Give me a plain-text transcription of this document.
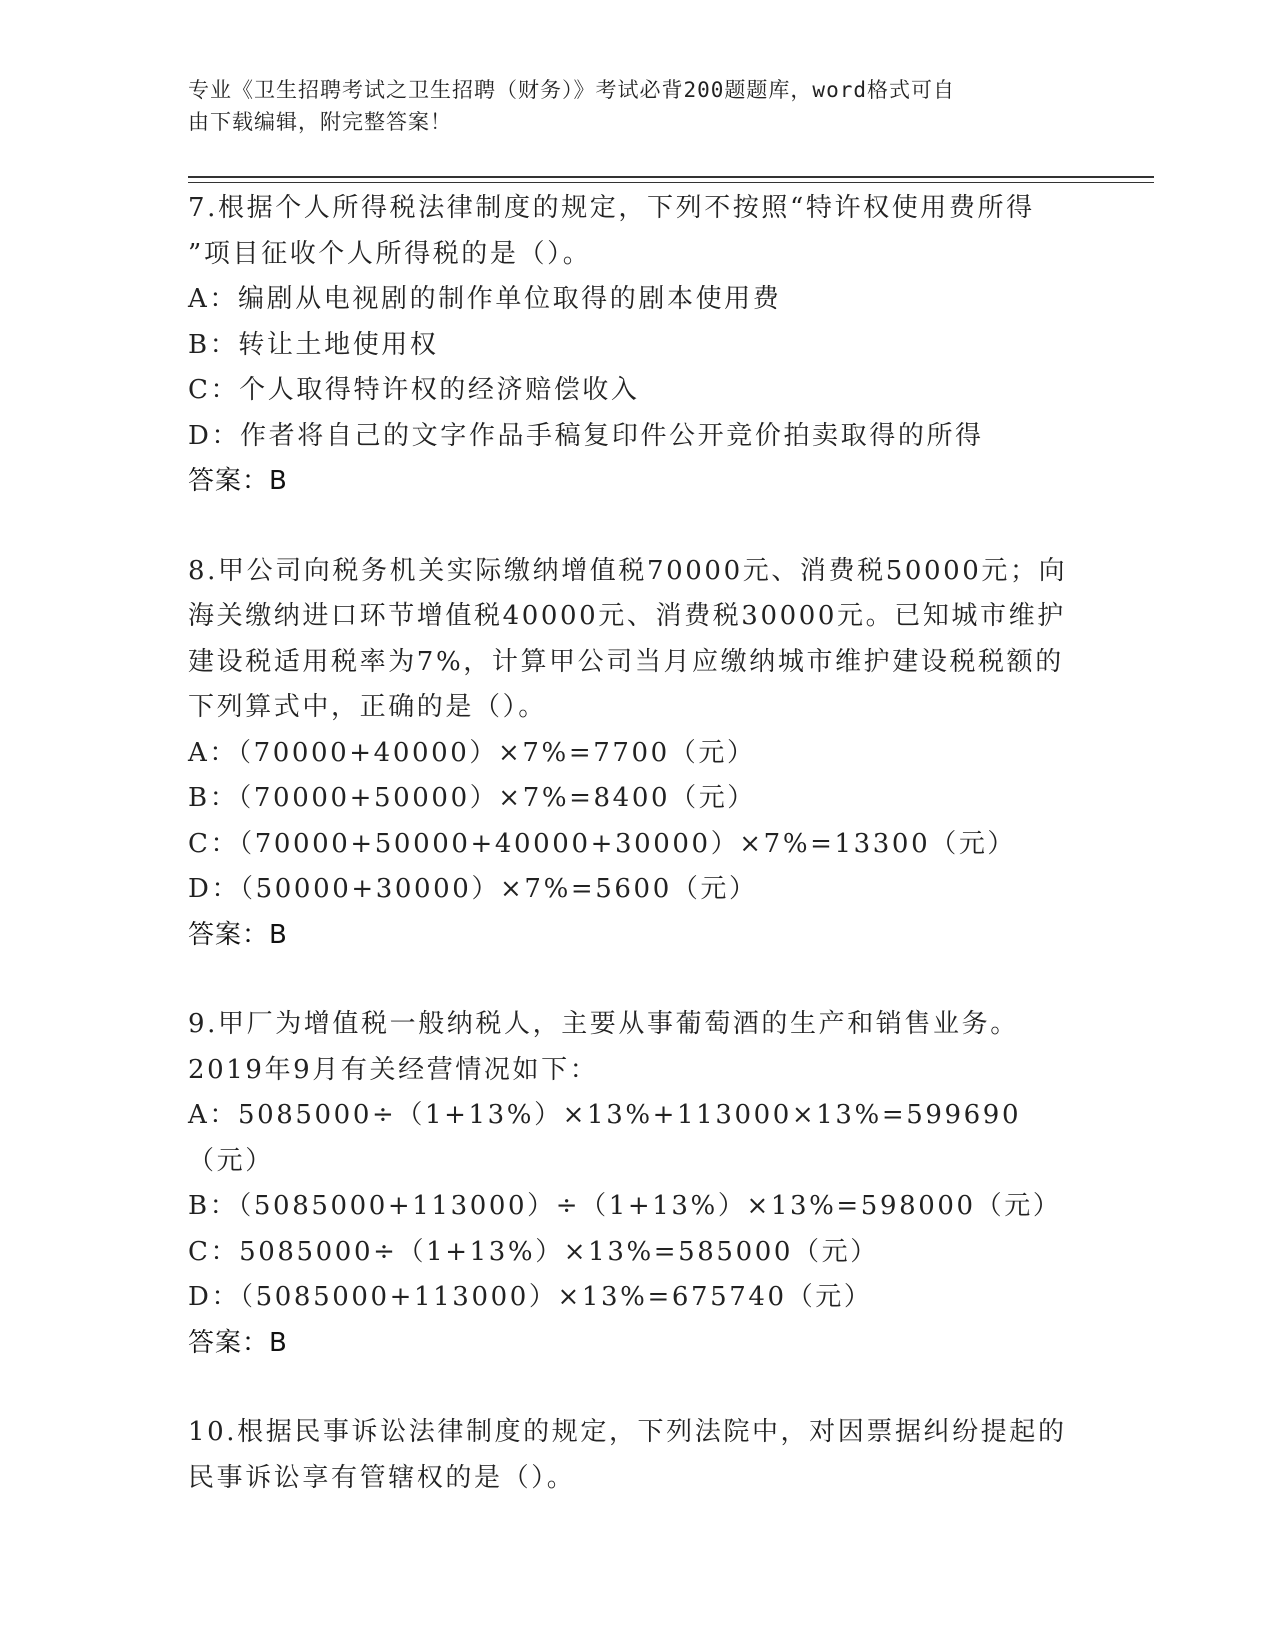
专业《卫生招聘考试之卫生招聘（财务）》考试必背200题题库，word格式可自
由下载编辑，附完整答案！
7.根据个人所得税法律制度的规定，下列不按照“特许权使用费所得
”项目征收个人所得税的是（）。
A：编剧从电视剧的制作单位取得的剧本使用费
B：转让土地使用权
C：个人取得特许权的经济赔偿收入
D：作者将自己的文字作品手稿复印件公开竞价拍卖取得的所得
答案：B
8.甲公司向税务机关实际缴纳增值税70000元、消费税50000元；向
海关缴纳进口环节增值税40000元、消费税30000元。已知城市维护
建设税适用税率为7%，计算甲公司当月应缴纳城市维护建设税税额的
下列算式中，正确的是（）。
A：（70000+40000）×7%=7700（元）
B：（70000+50000）×7%=8400（元）
C：（70000+50000+40000+30000）×7%=13300（元）
D：（50000+30000）×7%=5600（元）
答案：B
9.甲厂为增值税一般纳税人，主要从事葡萄酒的生产和销售业务。
2019年9月有关经营情况如下：
A：5085000÷（1+13%）×13%+113000×13%=599690（元）
B：（5085000+113000）÷（1+13%）×13%=598000（元）
C：5085000÷（1+13%）×13%=585000（元）
D：（5085000+113000）×13%=675740（元）
答案：B
10.根据民事诉讼法律制度的规定，下列法院中，对因票据纠纷提起的
民事诉讼享有管辖权的是（）。
